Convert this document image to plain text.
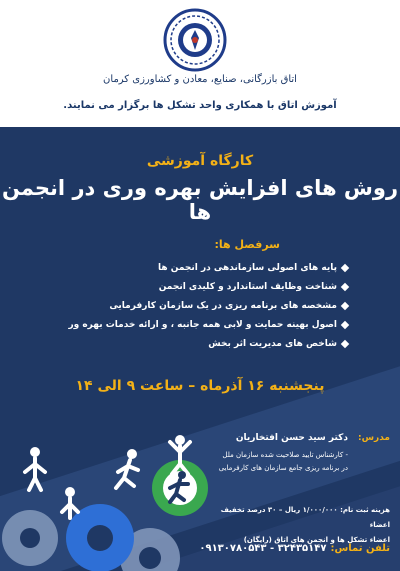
اتاق بازرگانی، صنایع، معادن و کشاورزی کرمان
آموزش اتاق با همکاری واحد تشکل ها برگزار می نمایند.
کارگاه آموزشی
روش های افزایش بهره وری در انجمن ها
سرفصل ها:
پایه های اصولی سازماندهی در انجمن ها
شناخت وظایف استاندارد و کلیدی انجمن
مشخصه های برنامه ریزی در یک سازمان کارفرمایی
اصول بهینه حمایت و لابی همه جانبه ، و ارائه خدمات بهره ور
شاخص های مدیریت اثر بخش
پنجشنبه ۱۶ آذرماه – ساعت ۹ الی ۱۴
مدرس:
دکتر سید حسن افتخاریان
- کارشناس تایید صلاحیت شده سازمان ملل
در برنامه ریزی جامع سازمان های کارفرمایی
هزینه ثبت نام: ۱/۰۰۰/۰۰۰ ریال – ۳۰ درصد تخفیف اعضاء
اعضاء تشکل ها و انجمن های اتاق (رایگان)
تلفن تماس:
۳۲۴۳۵۱۴۷ - ۰۹۱۳۰۷۸۰۵۴۳
